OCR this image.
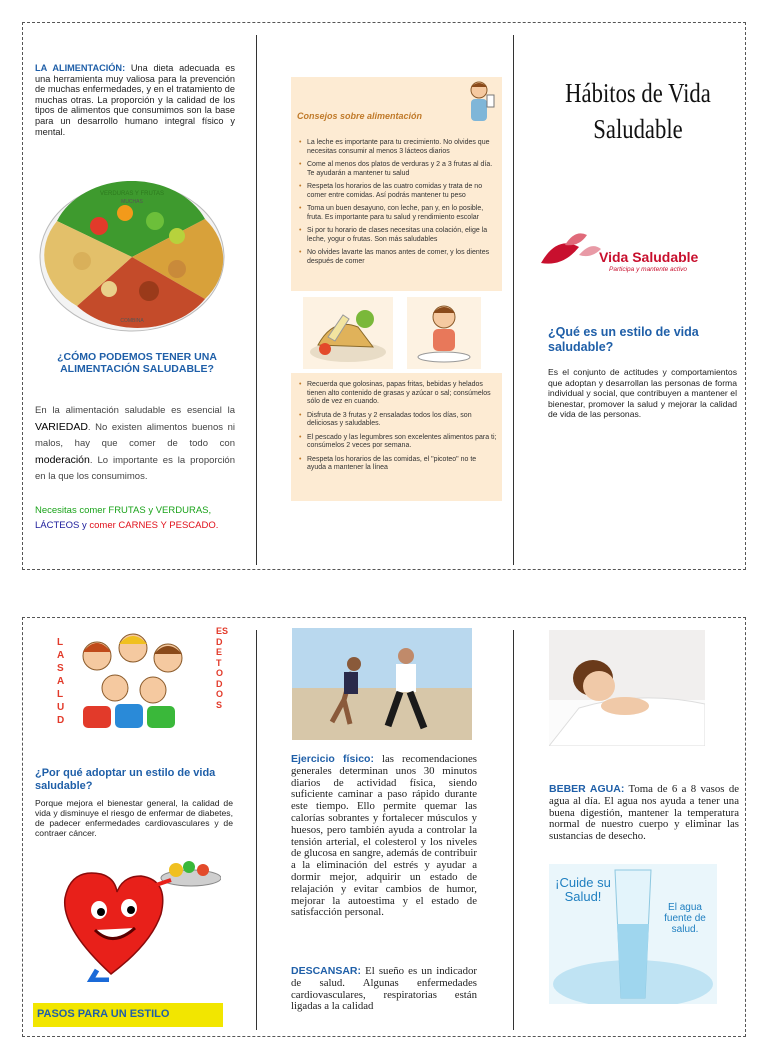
LA ALIMENTACIÓN: Una dieta adecuada es una herramienta muy valiosa para la prevención de muchas enfermedades, y en el tratamiento de muchas otras. La proporción y la calidad de los tipos de alimentos que consumimos son la base para un desarrollo humano integral físico y mental.
VERDURAS Y FRUTAS
MUCHAS
COMBINA
¿CÓMO PODEMOS TENER UNA ALIMENTACIÓN SALUDABLE?
En la alimentación saludable es esencial la VARIEDAD. No existen alimentos buenos ni malos, hay que comer de todo con moderación. Lo importante es la proporción en la que los consumimos.
Necesitas comer FRUTAS y VERDURAS,
LÁCTEOS y comer CARNES Y PESCADO.
Consejos sobre alimentación

• La leche es importante para tu crecimiento. No olvides que necesitas consumir al menos 3 lácteos diarios

• Come al menos dos platos de verduras y 2 a 3 frutas al día. Te ayudarán a mantener tu salud

• Respeta los horarios de las cuatro comidas y trata de no comer entre comidas. Así podrás mantener tu peso

• Toma un buen desayuno, con leche, pan y, en lo posible, fruta. Es importante para tu salud y rendimiento escolar

• Si por tu horario de clases necesitas una colación, elige la leche, yogur o frutas. Son más saludables

• No olvides lavarte las manos antes de comer, y los dientes después de comer

• Recuerda que golosinas, papas fritas, bebidas y helados tienen alto contenido de grasas y azúcar o sal; consúmelos sólo de vez en cuando.

• Disfruta de 3 frutas y 2 ensaladas todos los días, son deliciosas y saludables.

• El pescado y las legumbres son excelentes alimentos para ti; consúmelos 2 veces por semana.

• Respeta los horarios de las comidas, el "picoteo" no te ayuda a mantener la línea

Hábitos de Vida Saludable
Vida Saludable
Participa y mantente activo
¿Qué es un estilo de vida saludable?
Es el conjunto de actitudes y comportamientos que adoptan y desarrollan las personas de forma individual y social, que contribuyen a mantener el bienestar, promover la salud y mejorar la calidad de vida de las personas.
LA SALUD
ES DE TODOS
¿Por qué adoptar un estilo de vida saludable?
Porque mejora el bienestar general, la calidad de vida y disminuye el riesgo de enfermar de diabetes, de padecer enfermedades cardiovasculares y de contraer cáncer.
PASOS PARA UN ESTILO
Ejercicio físico: las recomendaciones generales determinan unos 30 minutos diarios de actividad física, siendo suficiente caminar a paso rápido durante este tiempo. Ello permite quemar las calorías sobrantes y fortalecer músculos y huesos, pero también ayuda a controlar la tensión arterial, el colesterol y los niveles de glucosa en sangre, además de contribuir a la eliminación del estrés y ayudar a dormir mejor, adquirir un estado de relajación y evitar cambios de humor, mejorar la autoestima y el estado de satisfacción personal.
DESCANSAR: El sueño es un indicador de salud. Algunas enfermedades cardiovasculares, respiratorias están ligadas a la calidad
BEBER AGUA: Toma de 6 a 8 vasos de agua al día. El agua nos ayuda a tener una buena digestión, mantener la temperatura normal de nuestro cuerpo y eliminar las sustancias de desecho.
¡Cuide su Salud!
El agua fuente de salud.
